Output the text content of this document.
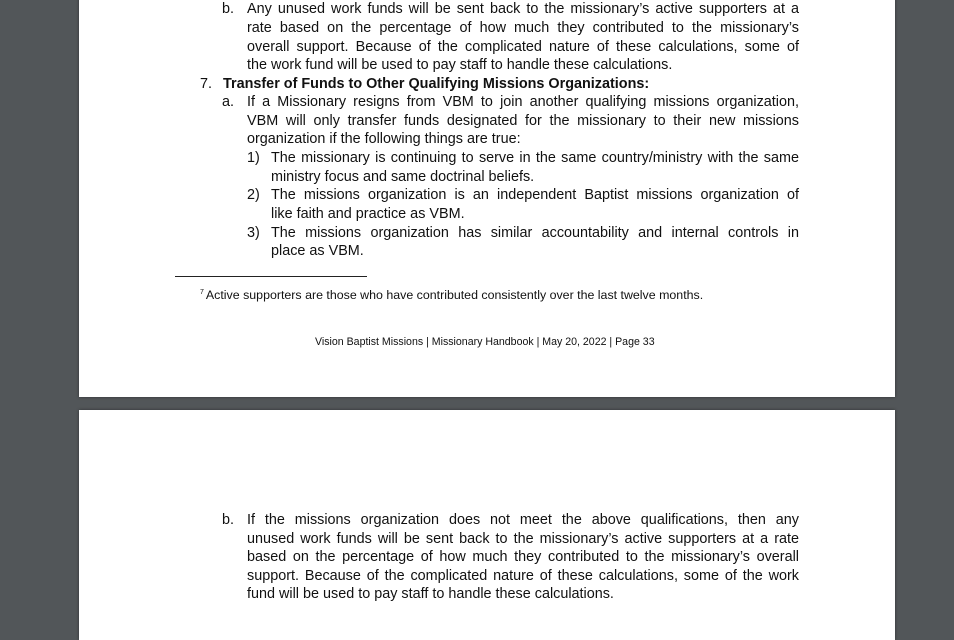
b. Any unused work funds will be sent back to the missionary’s active supporters at a
rate based on the percentage of how much they contributed to the missionary’s
overall support. Because of the complicated nature of these calculations, some of
the work fund will be used to pay staff to handle these calculations.
7. Transfer of Funds to Other Qualifying Missions Organizations:
a. If a Missionary resigns from VBM to join another qualifying missions organization,
VBM will only transfer funds designated for the missionary to their new missions
organization if the following things are true:
1) The missionary is continuing to serve in the same country/ministry with the same
ministry focus and same doctrinal beliefs.
2) The missions organization is an independent Baptist missions organization of
like faith and practice as VBM.
3) The missions organization has similar accountability and internal controls in
place as VBM.
$^7$ Active supporters are those who have contributed consistently over the last twelve months.
Vision Baptist Missions | Missionary Handbook | May 20, 2022 | Page 33
b. If the missions organization does not meet the above qualifications, then any
unused work funds will be sent back to the missionary’s active supporters at a rate
based on the percentage of how much they contributed to the missionary’s overall
support. Because of the complicated nature of these calculations, some of the work
fund will be used to pay staff to handle these calculations.
